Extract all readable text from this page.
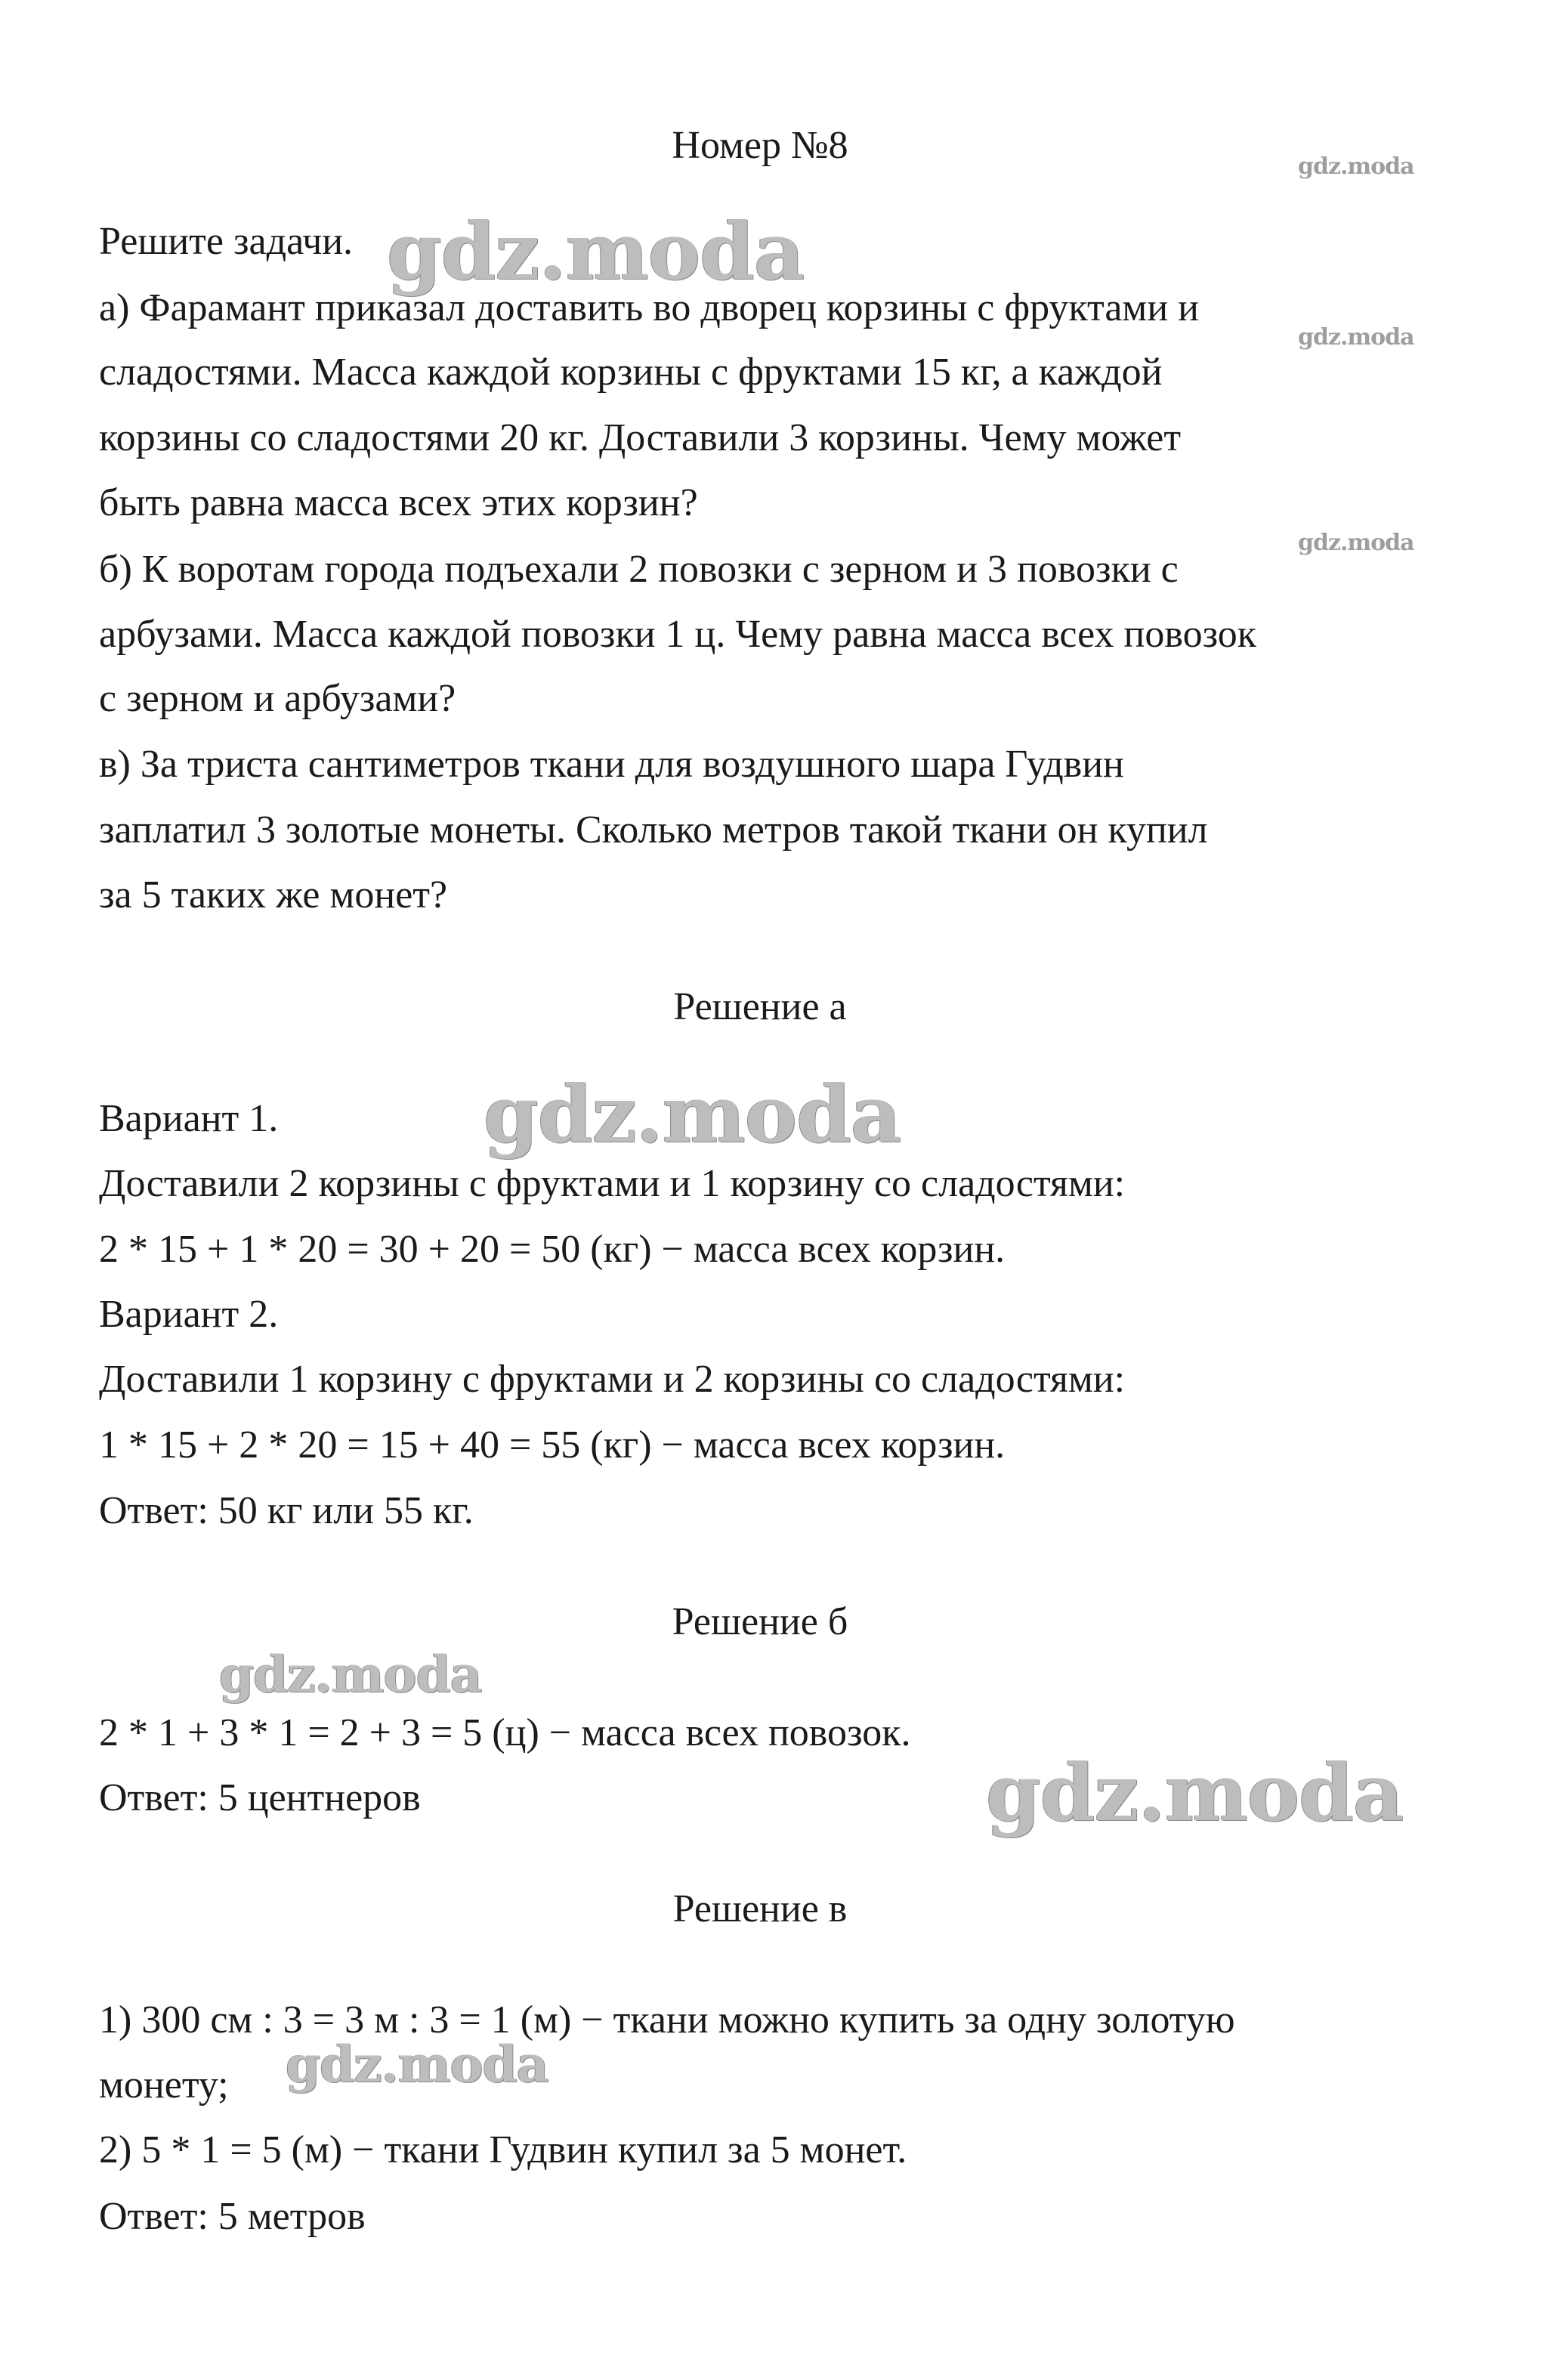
Номер №8
Решите задачи.
а) Фарамант приказал доставить во дворец корзины с фруктами и
сладостями. Масса каждой корзины с фруктами 15 кг, а каждой
корзины со сладостями 20 кг. Доставили 3 корзины. Чему может
быть равна масса всех этих корзин?
б) К воротам города подъехали 2 повозки с зерном и 3 повозки с
арбузами. Масса каждой повозки 1 ц. Чему равна масса всех повозок
с зерном и арбузами?
в) За триста сантиметров ткани для воздушного шара Гудвин
заплатил 3 золотые монеты. Сколько метров такой ткани он купил
за 5 таких же монет?
Решение а
Вариант 1.
Доставили 2 корзины с фруктами и 1 корзину со сладостями:
2 * 15 + 1 * 20 = 30 + 20 = 50 (кг) − масса всех корзин.
Вариант 2.
Доставили 1 корзину с фруктами и 2 корзины со сладостями:
1 * 15 + 2 * 20 = 15 + 40 = 55 (кг) − масса всех корзин.
Ответ: 50 кг или 55 кг.
Решение б
2 * 1 + 3 * 1 = 2 + 3 = 5 (ц) − масса всех повозок.
Ответ: 5 центнеров
Решение в
1) 300 см : 3 = 3 м : 3 = 1 (м) − ткани можно купить за одну золотую
монету;
2) 5 * 1 = 5 (м) − ткани Гудвин купил за 5 монет.
Ответ: 5 метров
gdz.moda
gdz.moda
gdz.moda
gdz.moda
gdz.moda
gdz.moda
gdz.moda
gdz.moda
